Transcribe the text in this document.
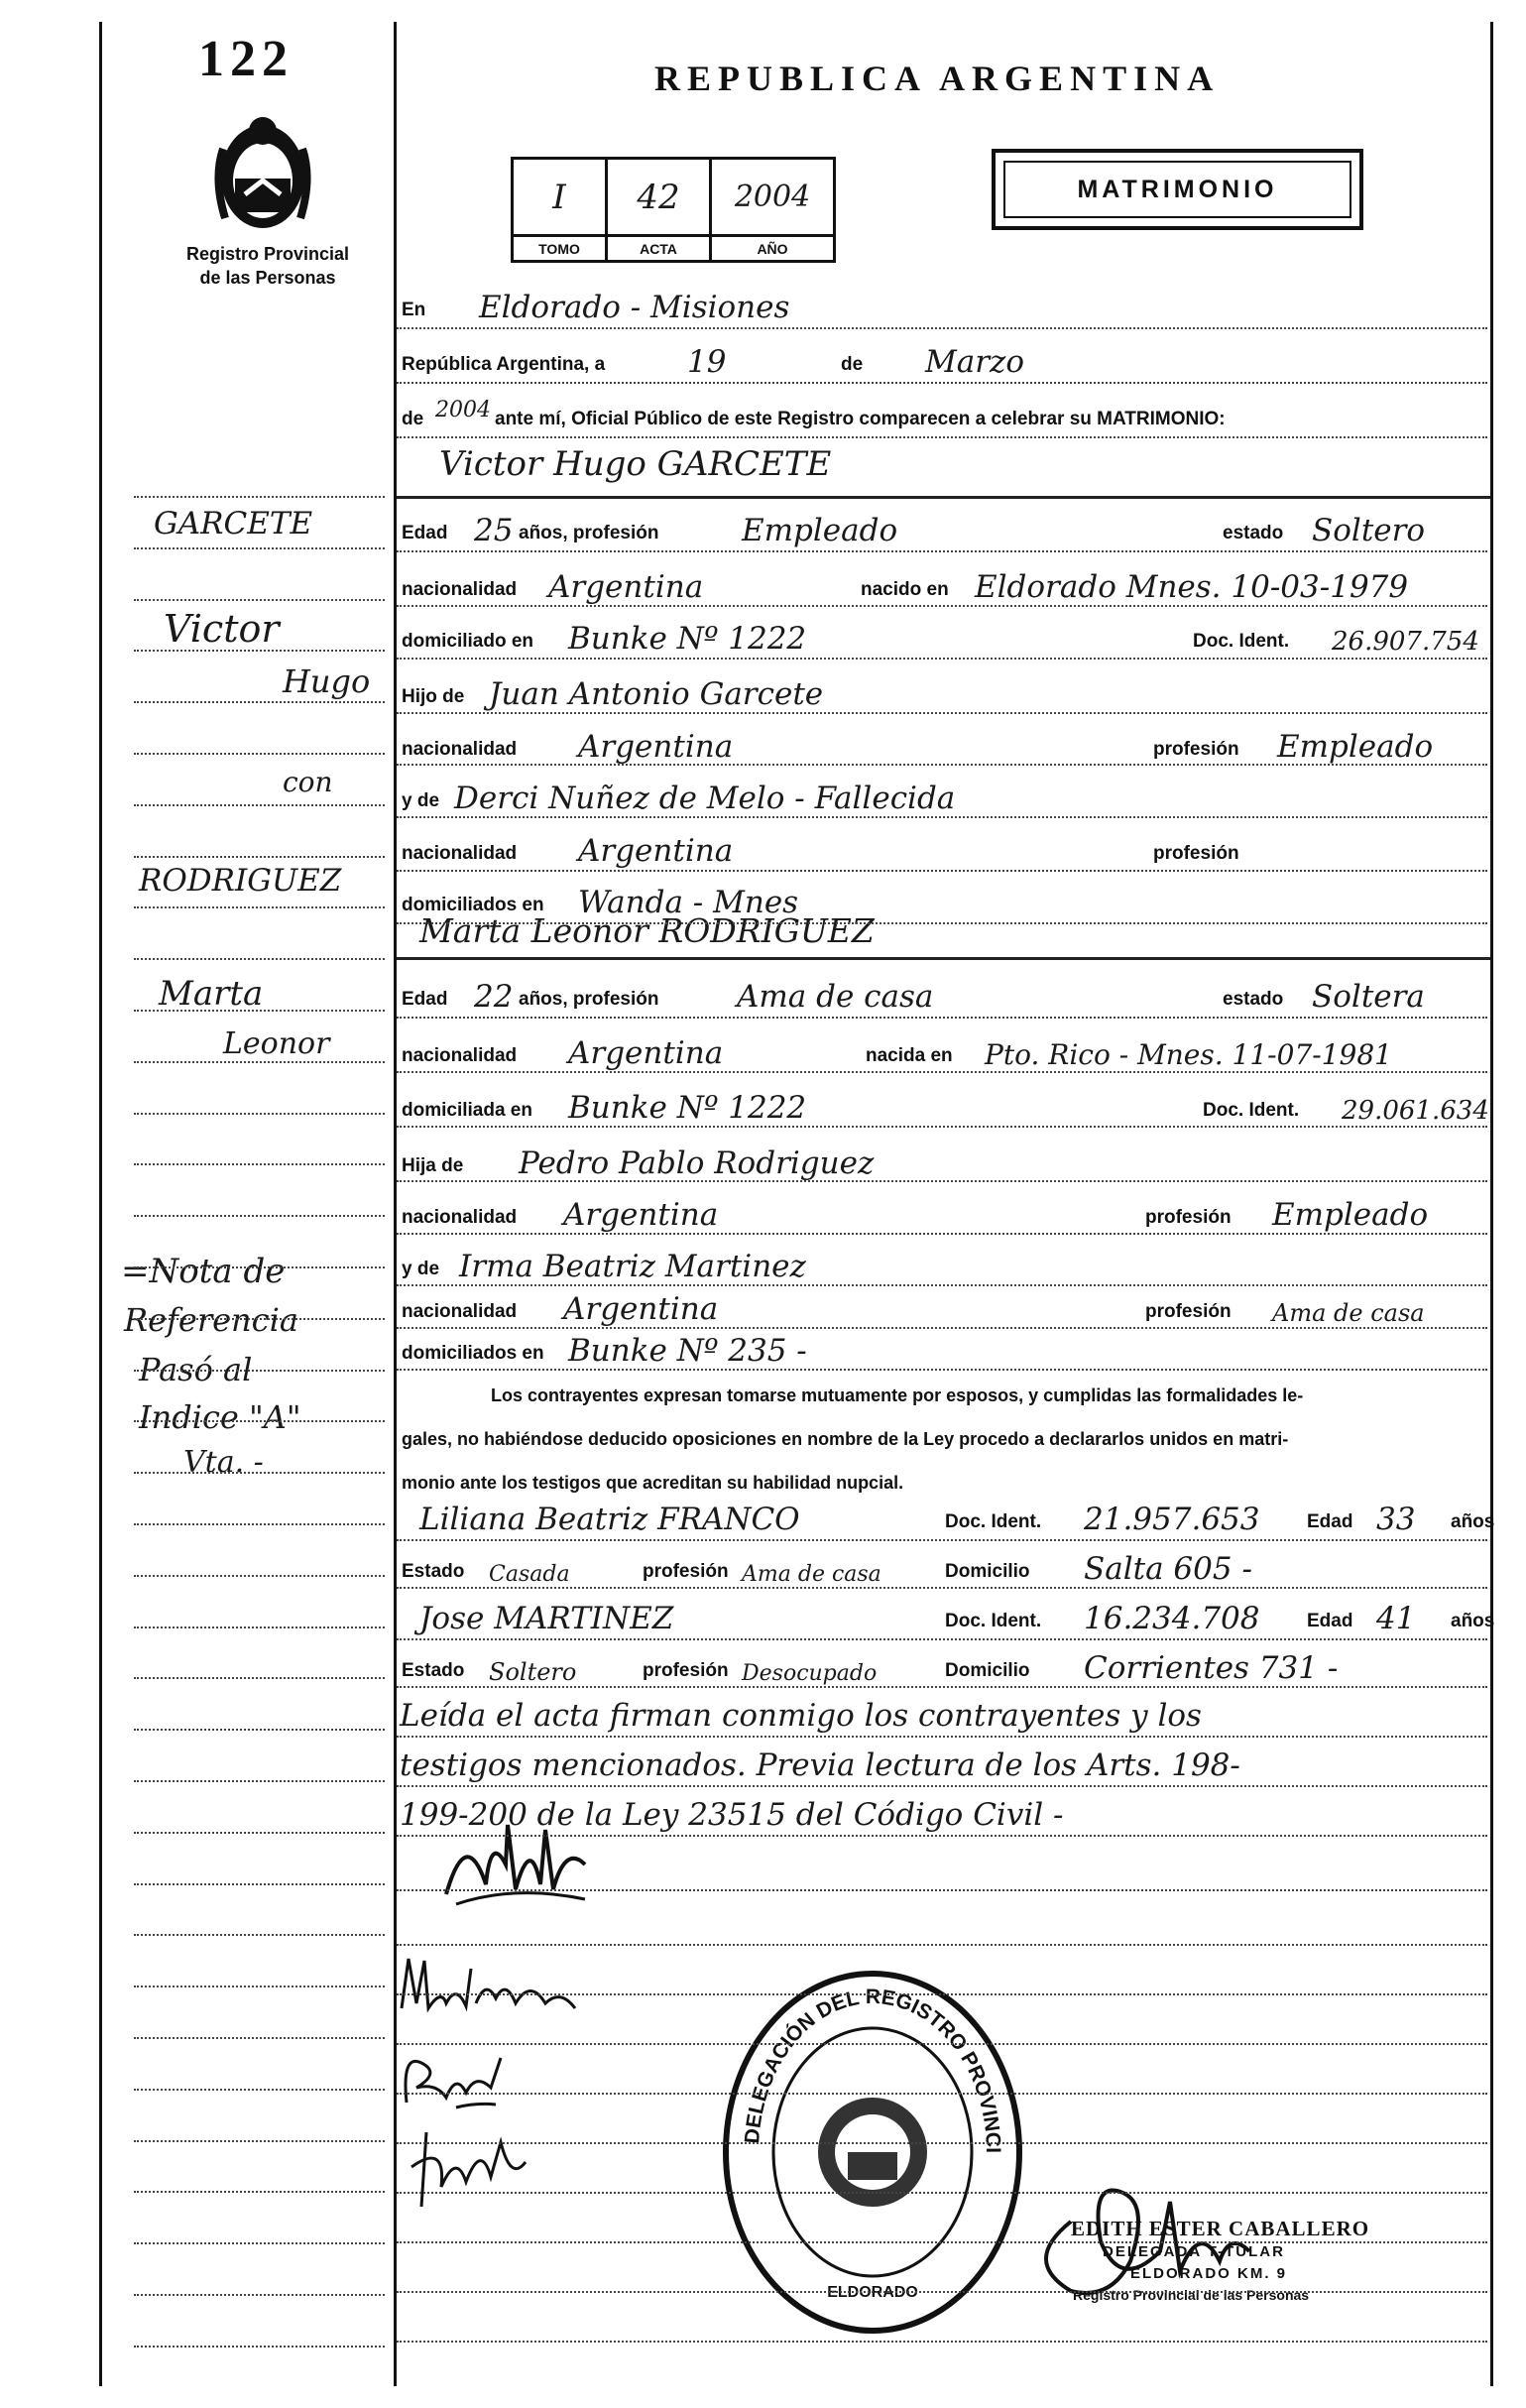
122
Registro Provincial
de las Personas
REPUBLICA ARGENTINA
I	42	2004
TOMO	ACTA	AÑO
MATRIMONIO
En Eldorado - Misiones
República Argentina, a	19	de Marzo
de 2004 ante mí, Oficial Público de este Registro comparecen a celebrar su MATRIMONIO:
Victor Hugo GARCETE
Edad 25 años, profesión	Empleado	estado Soltero
nacionalidad Argentina	nacido en Eldorado Mnes. 10-03-1979
domiciliado en Bunke Nº 1222	Doc. Ident. 26.907.754
Hijo de Juan Antonio Garcete
nacionalidad Argentina	profesión Empleado
y de Derci Nuñez de Melo - Fallecida
nacionalidad Argentina	profesión
domiciliados en Wanda - Mnes
Marta Leonor RODRIGUEZ
Edad 22 años, profesión	Ama de casa	estado Soltera
nacionalidad Argentina	nacida en Pto. Rico - Mnes. 11-07-1981
domiciliada en Bunke Nº 1222	Doc. Ident. 29.061.634
Hija de Pedro Pablo Rodriguez
nacionalidad Argentina	profesión Empleado
y de Irma Beatriz Martinez
nacionalidad Argentina	profesión Ama de casa
domiciliados en Bunke Nº 235 -
Los contrayentes expresan tomarse mutuamente por esposos, y cumplidas las formalidades le-
gales, no habiéndose deducido oposiciones en nombre de la Ley procedo a declararlos unidos en matri-
monio ante los testigos que acreditan su habilidad nupcial.
Liliana Beatriz FRANCO	Doc. Ident. 21.957.653	Edad 33 años
Estado Casada	profesión Ama de casa	Domicilio Salta 605 -
Jose MARTINEZ	Doc. Ident. 16.234.708	Edad 41 años
Estado Soltero	profesión Desocupado	Domicilio Corrientes 731 -
Leída el acta firman conmigo los contrayentes y los
testigos mencionados. Previa lectura de los Arts. 198-
199-200 de la Ley 23515 del Código Civil -
DELEGACIÓN DEL REGISTRO PROVINCI
ELDORADO
EDITH ESTER CABALLERO
DELEGADA T-TULAR
ELDORADO KM. 9
Registro Provincial de las Personas
GARCETE
Victor
Hugo
con
RODRIGUEZ
Marta
Leonor
=Nota de
Referencia
Pasó al
Indice "A"
Vta. -
